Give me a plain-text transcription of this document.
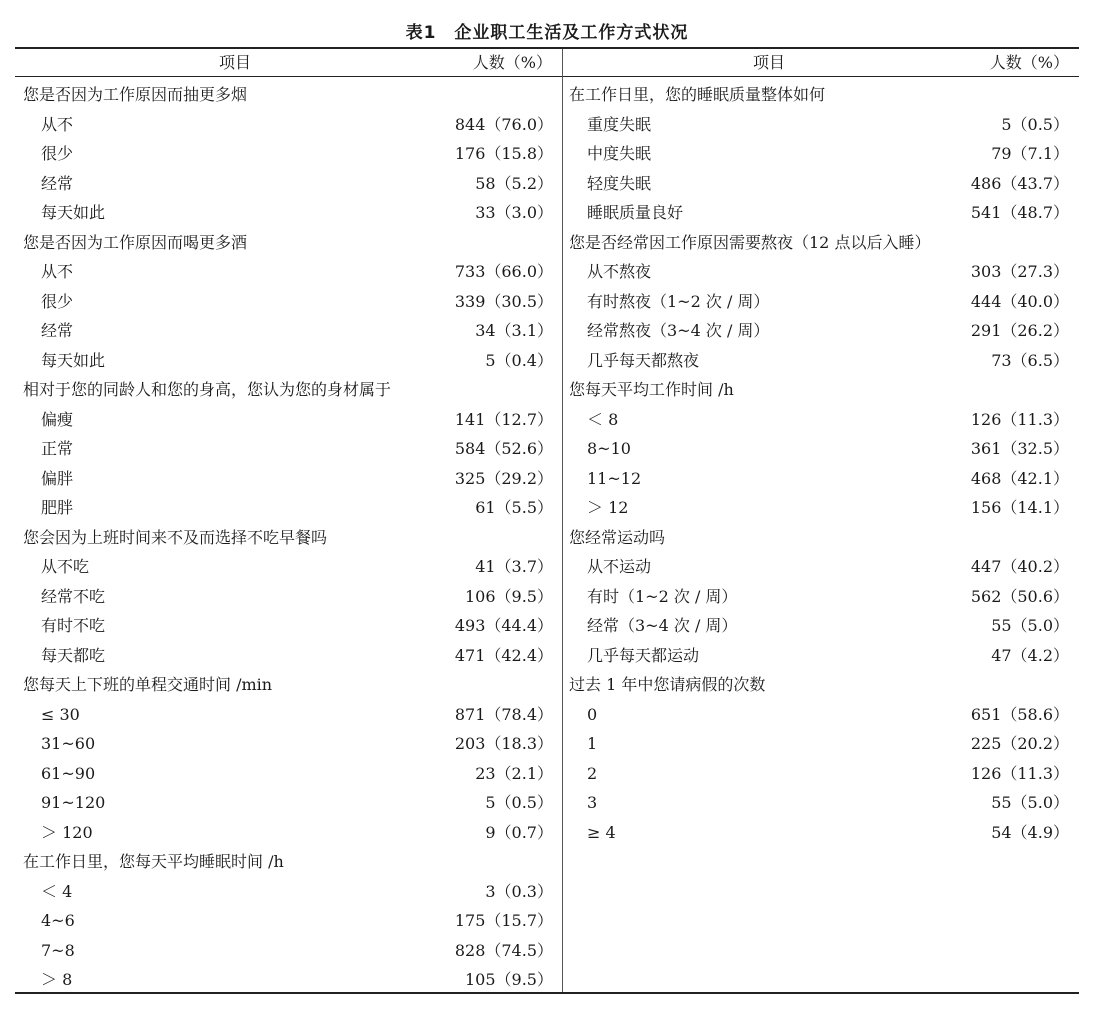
表1 企业职工生活及工作方式状况
项目	人数（%）	项目	人数（%）
您是否因为工作原因而抽更多烟
从不	844（76.0）
很少	176（15.8）
经常	58（5.2）
每天如此	33（3.0）
您是否因为工作原因而喝更多酒
从不	733（66.0）
很少	339（30.5）
经常	34（3.1）
每天如此	5（0.4）
相对于您的同龄人和您的身高，您认为您的身材属于
偏瘦	141（12.7）
正常	584（52.6）
偏胖	325（29.2）
肥胖	61（5.5）
您会因为上班时间来不及而选择不吃早餐吗
从不吃	41（3.7）
经常不吃	106（9.5）
有时不吃	493（44.4）
每天都吃	471（42.4）
您每天上下班的单程交通时间 /min
≤ 30	871（78.4）
31~60	203（18.3）
61~90	23（2.1）
91~120	5（0.5）
＞ 120	9（0.7）
在工作日里，您每天平均睡眠时间 /h
＜ 4	3（0.3）
4~6	175（15.7）
7~8	828（74.5）
＞ 8	105（9.5）
在工作日里，您的睡眠质量整体如何
重度失眠	5（0.5）
中度失眠	79（7.1）
轻度失眠	486（43.7）
睡眠质量良好	541（48.7）
您是否经常因工作原因需要熬夜（12 点以后入睡）
从不熬夜	303（27.3）
有时熬夜（1~2 次 / 周）	444（40.0）
经常熬夜（3~4 次 / 周）	291（26.2）
几乎每天都熬夜	73（6.5）
您每天平均工作时间 /h
＜ 8	126（11.3）
8~10	361（32.5）
11~12	468（42.1）
＞ 12	156（14.1）
您经常运动吗
从不运动	447（40.2）
有时（1~2 次 / 周）	562（50.6）
经常（3~4 次 / 周）	55（5.0）
几乎每天都运动	47（4.2）
过去 1 年中您请病假的次数
0	651（58.6）
1	225（20.2）
2	126（11.3）
3	55（5.0）
≥ 4	54（4.9）
